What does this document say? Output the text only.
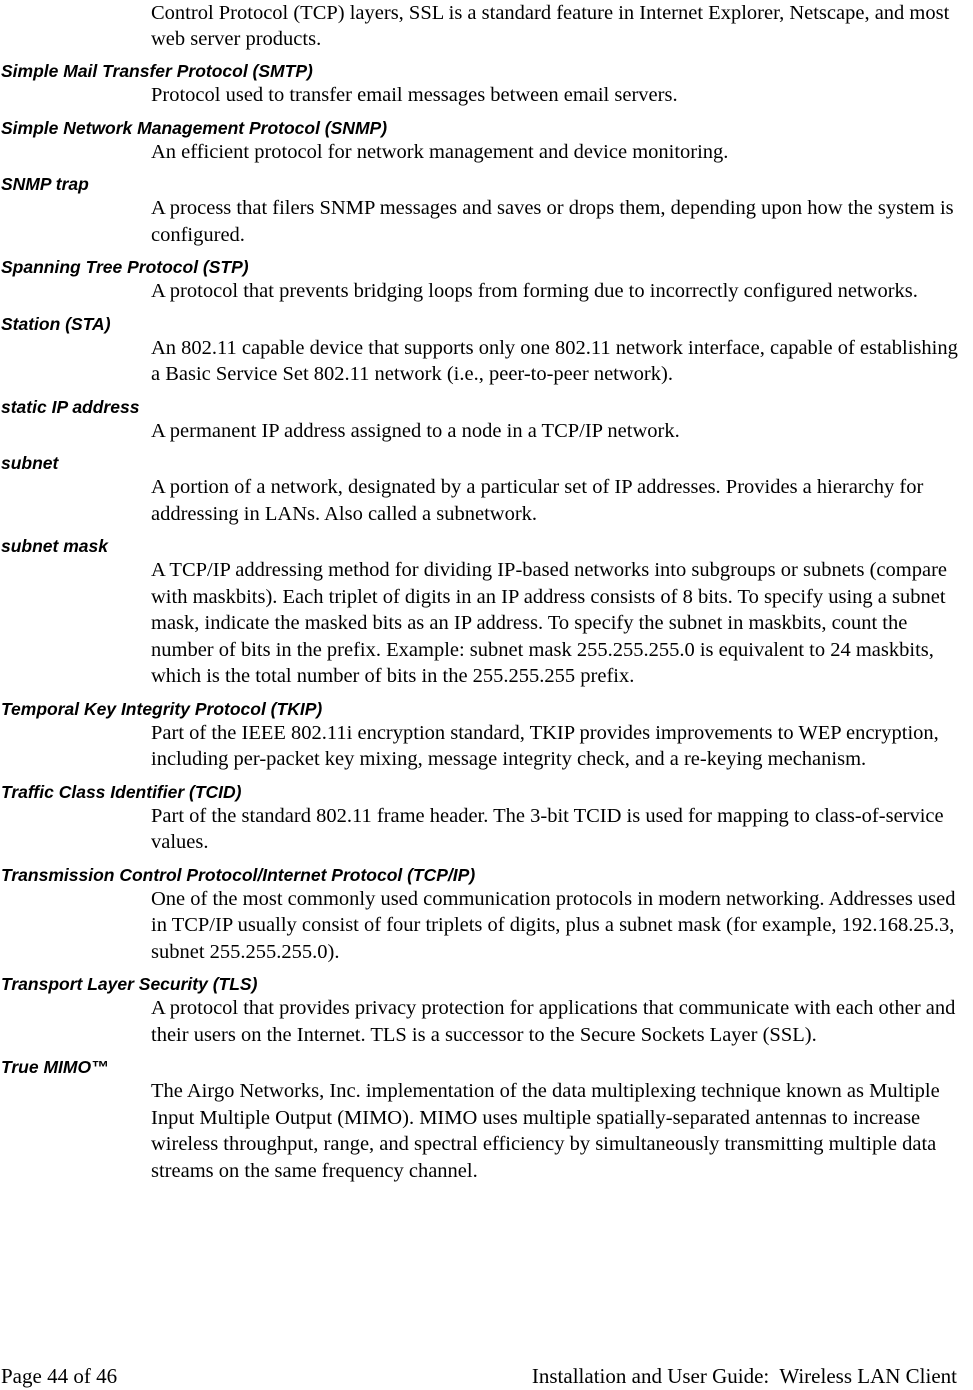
Control Protocol (TCP) layers, SSL is a standard feature in Internet Explorer, Netscape, and most web server products.
Simple Mail Transfer Protocol (SMTP)
Protocol used to transfer email messages between email servers.
Simple Network Management Protocol (SNMP)
An efficient protocol for network management and device monitoring.
SNMP trap
A process that filers SNMP messages and saves or drops them, depending upon how the system is configured.
Spanning Tree Protocol (STP)
A protocol that prevents bridging loops from forming due to incorrectly configured networks.
Station (STA)
An 802.11 capable device that supports only one 802.11 network interface, capable of establishing a Basic Service Set 802.11 network (i.e., peer-to-peer network).
static IP address
A permanent IP address assigned to a node in a TCP/IP network.
subnet
A portion of a network, designated by a particular set of IP addresses. Provides a hierarchy for addressing in LANs. Also called a subnetwork.
subnet mask
A TCP/IP addressing method for dividing IP-based networks into subgroups or subnets (compare with maskbits). Each triplet of digits in an IP address consists of 8 bits. To specify using a subnet mask, indicate the masked bits as an IP address. To specify the subnet in maskbits, count the number of bits in the prefix. Example: subnet mask 255.255.255.0 is equivalent to 24 maskbits, which is the total number of bits in the 255.255.255 prefix.
Temporal Key Integrity Protocol (TKIP)
Part of the IEEE 802.11i encryption standard, TKIP provides improvements to WEP encryption, including per-packet key mixing, message integrity check, and a re-keying mechanism.
Traffic Class Identifier (TCID)
Part of the standard 802.11 frame header. The 3-bit TCID is used for mapping to class-of-service values.
Transmission Control Protocol/Internet Protocol (TCP/IP)
One of the most commonly used communication protocols in modern networking. Addresses used in TCP/IP usually consist of four triplets of digits, plus a subnet mask (for example, 192.168.25.3, subnet 255.255.255.0).
Transport Layer Security (TLS)
A protocol that provides privacy protection for applications that communicate with each other and their users on the Internet. TLS is a successor to the Secure Sockets Layer (SSL).
True MIMO™
The Airgo Networks, Inc. implementation of the data multiplexing technique known as Multiple Input Multiple Output (MIMO). MIMO uses multiple spatially-separated antennas to increase wireless throughput, range, and spectral efficiency by simultaneously transmitting multiple data streams on the same frequency channel.
Page 44 of 46	Installation and User Guide:  Wireless LAN Client
